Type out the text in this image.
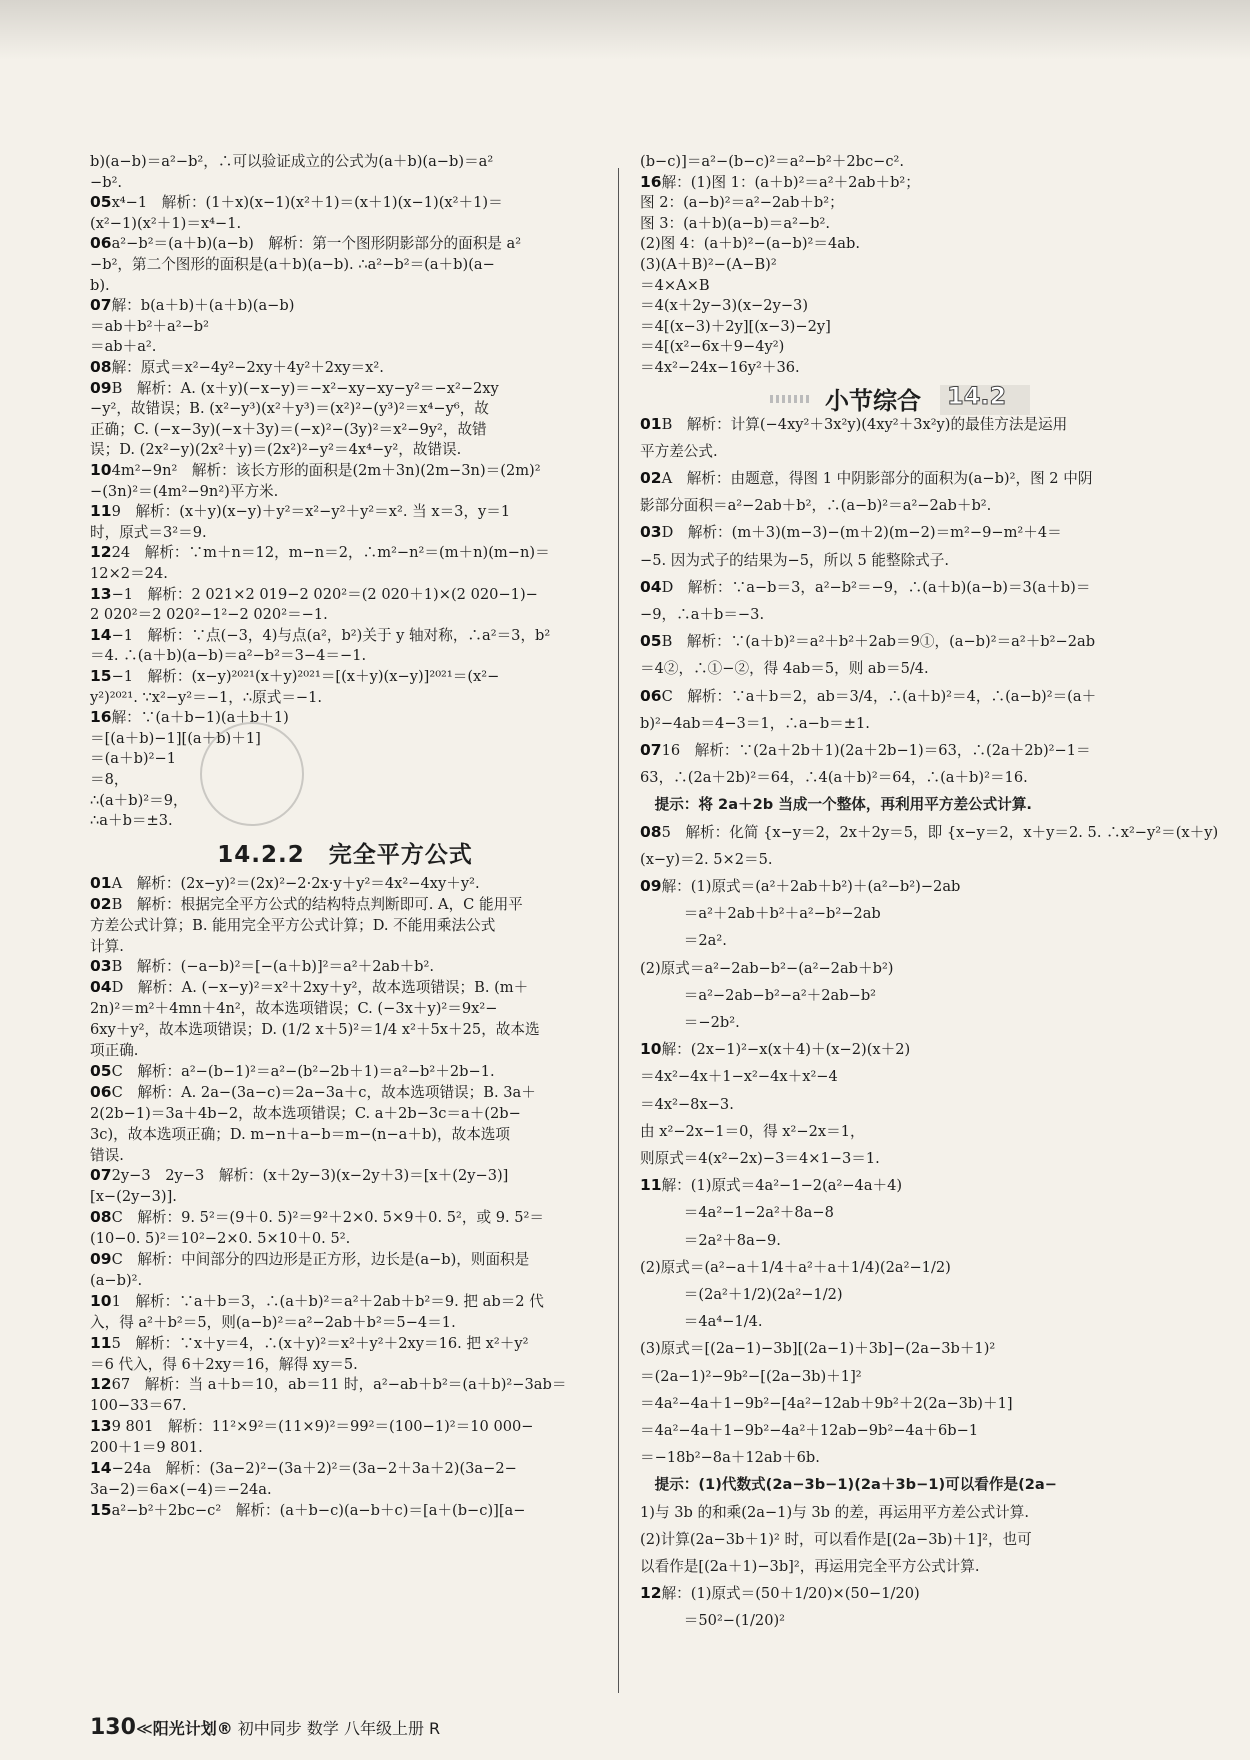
b)(a−b)＝a²−b²，∴可以验证成立的公式为(a＋b)(a−b)＝a²
−b².
05x⁴−1　解析：(1＋x)(x−1)(x²＋1)＝(x＋1)(x−1)(x²＋1)＝
(x²−1)(x²＋1)＝x⁴−1.
06a²−b²＝(a＋b)(a−b)　解析：第一个图形阴影部分的面积是 a²
−b²，第二个图形的面积是(a＋b)(a−b). ∴a²−b²＝(a＋b)(a−
b).
07解：b(a＋b)＋(a＋b)(a−b)
＝ab＋b²＋a²−b²
＝ab＋a².
08解：原式＝x²−4y²−2xy＋4y²＋2xy＝x².
09B　解析：A. (x＋y)(−x−y)＝−x²−xy−xy−y²＝−x²−2xy
−y²，故错误；B. (x²−y³)(x²＋y³)＝(x²)²−(y³)²＝x⁴−y⁶，故
正确；C. (−x−3y)(−x＋3y)＝(−x)²−(3y)²＝x²−9y²，故错
误；D. (2x²−y)(2x²＋y)＝(2x²)²−y²＝4x⁴−y²，故错误.
104m²−9n²　解析：该长方形的面积是(2m＋3n)(2m−3n)＝(2m)²
−(3n)²＝(4m²−9n²)平方米.
119　解析：(x＋y)(x−y)＋y²＝x²−y²＋y²＝x². 当 x＝3，y＝1
时，原式＝3²＝9.
1224　解析：∵m＋n＝12，m−n＝2，∴m²−n²＝(m＋n)(m−n)＝
12×2＝24.
13−1　解析：2 021×2 019−2 020²＝(2 020＋1)×(2 020−1)−
2 020²＝2 020²−1²−2 020²＝−1.
14−1　解析：∵点(−3，4)与点(a²，b²)关于 y 轴对称，∴a²＝3，b²
＝4. ∴(a＋b)(a−b)＝a²−b²＝3−4＝−1.
15−1　解析：(x−y)²⁰²¹(x＋y)²⁰²¹＝[(x＋y)(x−y)]²⁰²¹＝(x²−
y²)²⁰²¹. ∵x²−y²＝−1，∴原式＝−1.
16解：∵(a＋b−1)(a＋b＋1)
＝[(a＋b)−1][(a＋b)＋1]
＝(a＋b)²−1
＝8，
∴(a＋b)²＝9，
∴a＋b＝±3.
14.2.2　完全平方公式
01A　解析：(2x−y)²＝(2x)²−2·2x·y＋y²＝4x²−4xy＋y².
02B　解析：根据完全平方公式的结构特点判断即可. A，C 能用平
方差公式计算；B. 能用完全平方公式计算；D. 不能用乘法公式
计算.
03B　解析：(−a−b)²＝[−(a＋b)]²＝a²＋2ab＋b².
04D　解析：A. (−x−y)²＝x²＋2xy＋y²，故本选项错误；B. (m＋
2n)²＝m²＋4mn＋4n²，故本选项错误；C. (−3x＋y)²＝9x²−
6xy＋y²，故本选项错误；D. (1/2 x＋5)²＝1/4 x²＋5x＋25，故本选
项正确.
05C　解析：a²−(b−1)²＝a²−(b²−2b＋1)＝a²−b²＋2b−1.
06C　解析：A. 2a−(3a−c)＝2a−3a＋c，故本选项错误；B. 3a＋
2(2b−1)＝3a＋4b−2，故本选项错误；C. a＋2b−3c＝a＋(2b−
3c)，故本选项正确；D. m−n＋a−b＝m−(n−a＋b)，故本选项
错误.
072y−3　2y−3　解析：(x＋2y−3)(x−2y＋3)＝[x＋(2y−3)]
[x−(2y−3)].
08C　解析：9. 5²＝(9＋0. 5)²＝9²＋2×0. 5×9＋0. 5²，或 9. 5²＝
(10−0. 5)²＝10²−2×0. 5×10＋0. 5².
09C　解析：中间部分的四边形是正方形，边长是(a−b)，则面积是
(a−b)².
101　解析：∵a＋b＝3，∴(a＋b)²＝a²＋2ab＋b²＝9. 把 ab＝2 代
入，得 a²＋b²＝5，则(a−b)²＝a²−2ab＋b²＝5−4＝1.
115　解析：∵x＋y＝4，∴(x＋y)²＝x²＋y²＋2xy＝16. 把 x²＋y²
＝6 代入，得 6＋2xy＝16，解得 xy＝5.
1267　解析：当 a＋b＝10，ab＝11 时，a²−ab＋b²＝(a＋b)²−3ab＝
100−33＝67.
139 801　解析：11²×9²＝(11×9)²＝99²＝(100−1)²＝10 000−
200＋1＝9 801.
14−24a　解析：(3a−2)²−(3a＋2)²＝(3a−2＋3a＋2)(3a−2−
3a−2)＝6a×(−4)＝−24a.
15a²−b²＋2bc−c²　解析：(a＋b−c)(a−b＋c)＝[a＋(b−c)][a−
(b−c)]＝a²−(b−c)²＝a²−b²＋2bc−c².
16解：(1)图 1：(a＋b)²＝a²＋2ab＋b²；
图 2：(a−b)²＝a²−2ab＋b²；
图 3：(a＋b)(a−b)＝a²−b².
(2)图 4：(a＋b)²−(a−b)²＝4ab.
(3)(A＋B)²−(A−B)²
＝4×A×B
＝4(x＋2y−3)(x−2y−3)
＝4[(x−3)＋2y][(x−3)−2y]
＝4[(x²−6x＋9−4y²)
＝4x²−24x−16y²＋36.
小节综合 14.2
01B　解析：计算(−4xy²＋3x²y)(4xy²＋3x²y)的最佳方法是运用
平方差公式.
02A　解析：由题意，得图 1 中阴影部分的面积为(a−b)²，图 2 中阴
影部分面积＝a²−2ab＋b²，∴(a−b)²＝a²−2ab＋b².
03D　解析：(m＋3)(m−3)−(m＋2)(m−2)＝m²−9−m²＋4＝
−5. 因为式子的结果为−5，所以 5 能整除式子.
04D　解析：∵a−b＝3，a²−b²＝−9，∴(a＋b)(a−b)＝3(a＋b)＝
−9，∴a＋b＝−3.
05B　解析：∵(a＋b)²＝a²＋b²＋2ab＝9①，(a−b)²＝a²＋b²−2ab
＝4②，∴①−②，得 4ab＝5，则 ab＝5/4.
06C　解析：∵a＋b＝2，ab＝3/4，∴(a＋b)²＝4，∴(a−b)²＝(a＋
b)²−4ab＝4−3＝1，∴a−b＝±1.
0716　解析：∵(2a＋2b＋1)(2a＋2b−1)＝63，∴(2a＋2b)²−1＝
63，∴(2a＋2b)²＝64，∴4(a＋b)²＝64，∴(a＋b)²＝16.
　提示：将 2a＋2b 当成一个整体，再利用平方差公式计算.
085　解析：化简 {x−y＝2，2x＋2y＝5，即 {x−y＝2，x＋y＝2. 5. ∴x²−y²＝(x＋y)
(x−y)＝2. 5×2＝5.
09解：(1)原式＝(a²＋2ab＋b²)＋(a²−b²)−2ab
　　　＝a²＋2ab＋b²＋a²−b²−2ab
　　　＝2a².
(2)原式＝a²−2ab−b²−(a²−2ab＋b²)
　　　＝a²−2ab−b²−a²＋2ab−b²
　　　＝−2b².
10解：(2x−1)²−x(x＋4)＋(x−2)(x＋2)
＝4x²−4x＋1−x²−4x＋x²−4
＝4x²−8x−3.
由 x²−2x−1＝0，得 x²−2x＝1，
则原式＝4(x²−2x)−3＝4×1−3＝1.
11解：(1)原式＝4a²−1−2(a²−4a＋4)
　　　＝4a²−1−2a²＋8a−8
　　　＝2a²＋8a−9.
(2)原式＝(a²−a＋1/4＋a²＋a＋1/4)(2a²−1/2)
　　　＝(2a²＋1/2)(2a²−1/2)
　　　＝4a⁴−1/4.
(3)原式＝[(2a−1)−3b][(2a−1)＋3b]−(2a−3b＋1)²
＝(2a−1)²−9b²−[(2a−3b)＋1]²
＝4a²−4a＋1−9b²−[4a²−12ab＋9b²＋2(2a−3b)＋1]
＝4a²−4a＋1−9b²−4a²＋12ab−9b²−4a＋6b−1
＝−18b²−8a＋12ab＋6b.
　提示：(1)代数式(2a−3b−1)(2a＋3b−1)可以看作是(2a−
1)与 3b 的和乘(2a−1)与 3b 的差，再运用平方差公式计算.
(2)计算(2a−3b＋1)² 时，可以看作是[(2a−3b)＋1]²，也可
以看作是[(2a＋1)−3b]²，再运用完全平方公式计算.
12解：(1)原式＝(50＋1/20)×(50−1/20)
　　　＝50²−(1/20)²
130≪阳光计划® 初中同步 数学 八年级上册 R
